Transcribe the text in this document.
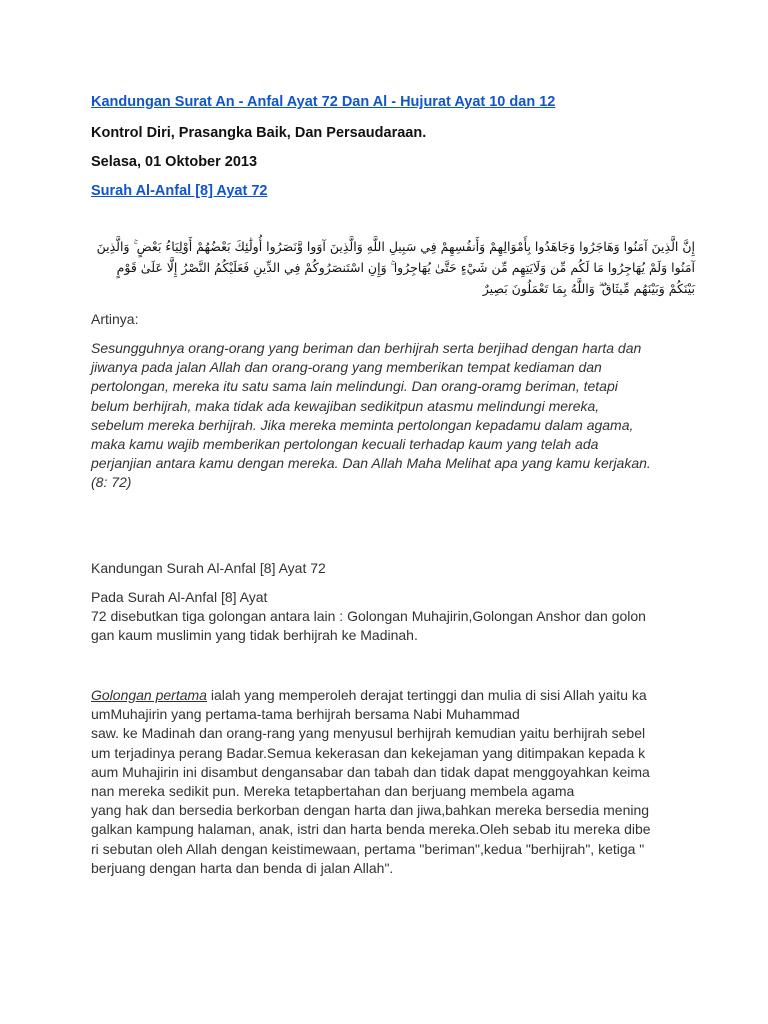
Kandungan Surat An - Anfal Ayat 72 Dan Al - Hujurat Ayat 10 dan 12
Kontrol Diri, Prasangka Baik, Dan Persaudaraan.
Selasa, 01 Oktober 2013
Surah Al-Anfal [8] Ayat 72
إِنَّ الَّذِينَ آمَنُوا وَهَاجَرُوا وَجَاهَدُوا بِأَمْوَالِهِمْ وَأَنفُسِهِمْ فِي سَبِيلِ اللَّهِ وَالَّذِينَ آوَوا وَّنَصَرُوا أُولَٰئِكَ بَعْضُهُمْ أَوْلِيَاءُ بَعْضٍ ۚ وَالَّذِينَ آمَنُوا وَلَمْ يُهَاجِرُوا مَا لَكُم مِّن وَلَايَتِهِم مِّن شَيْءٍ حَتَّىٰ يُهَاجِرُوا ۚ وَإِنِ اسْتَنصَرُوكُمْ فِي الدِّينِ فَعَلَيْكُمُ النَّصْرُ إِلَّا عَلَىٰ قَوْمٍ بَيْنَكُمْ وَبَيْنَهُم مِّيثَاقٌ ۗ وَاللَّهُ بِمَا تَعْمَلُونَ بَصِيرٌ
Artinya:
Sesungguhnya orang-orang yang beriman dan berhijrah serta berjihad dengan harta dan
jiwanya pada jalan Allah dan orang-orang yang memberikan tempat kediaman dan
pertolongan, mereka itu satu sama lain melindungi. Dan orang-oramg beriman, tetapi
belum berhijrah, maka tidak ada kewajiban sedikitpun atasmu melindungi mereka,
sebelum mereka berhijrah. Jika mereka meminta pertolongan kepadamu dalam agama,
maka kamu wajib memberikan pertolongan kecuali terhadap kaum yang telah ada
perjanjian antara kamu dengan mereka. Dan Allah Maha Melihat apa yang kamu kerjakan.
(8: 72)
Kandungan Surah Al-Anfal [8] Ayat 72
Pada Surah Al-Anfal [8] Ayat
72 disebutkan tiga golongan antara lain : Golongan Muhajirin,Golongan Anshor dan golon
gan kaum muslimin yang tidak berhijrah ke Madinah.
Golongan pertama ialah yang memperoleh derajat tertinggi dan mulia di sisi Allah yaitu ka
umMuhajirin yang pertama-tama berhijrah bersama Nabi Muhammad
saw. ke Madinah dan orang-rang yang menyusul berhijrah kemudian yaitu berhijrah sebel
um terjadinya perang Badar.Semua kekerasan dan kekejaman yang ditimpakan kepada k
aum Muhajirin ini disambut dengansabar dan tabah dan tidak dapat menggoyahkan keima
nan mereka sedikit pun. Mereka tetapbertahan dan berjuang membela agama
yang hak dan bersedia berkorban dengan harta dan jiwa,bahkan mereka bersedia mening
galkan kampung halaman, anak, istri dan harta benda mereka.Oleh sebab itu mereka dibe
ri sebutan oleh Allah dengan keistimewaan, pertama "beriman",kedua "berhijrah", ketiga "
berjuang dengan harta dan benda di jalan Allah".
